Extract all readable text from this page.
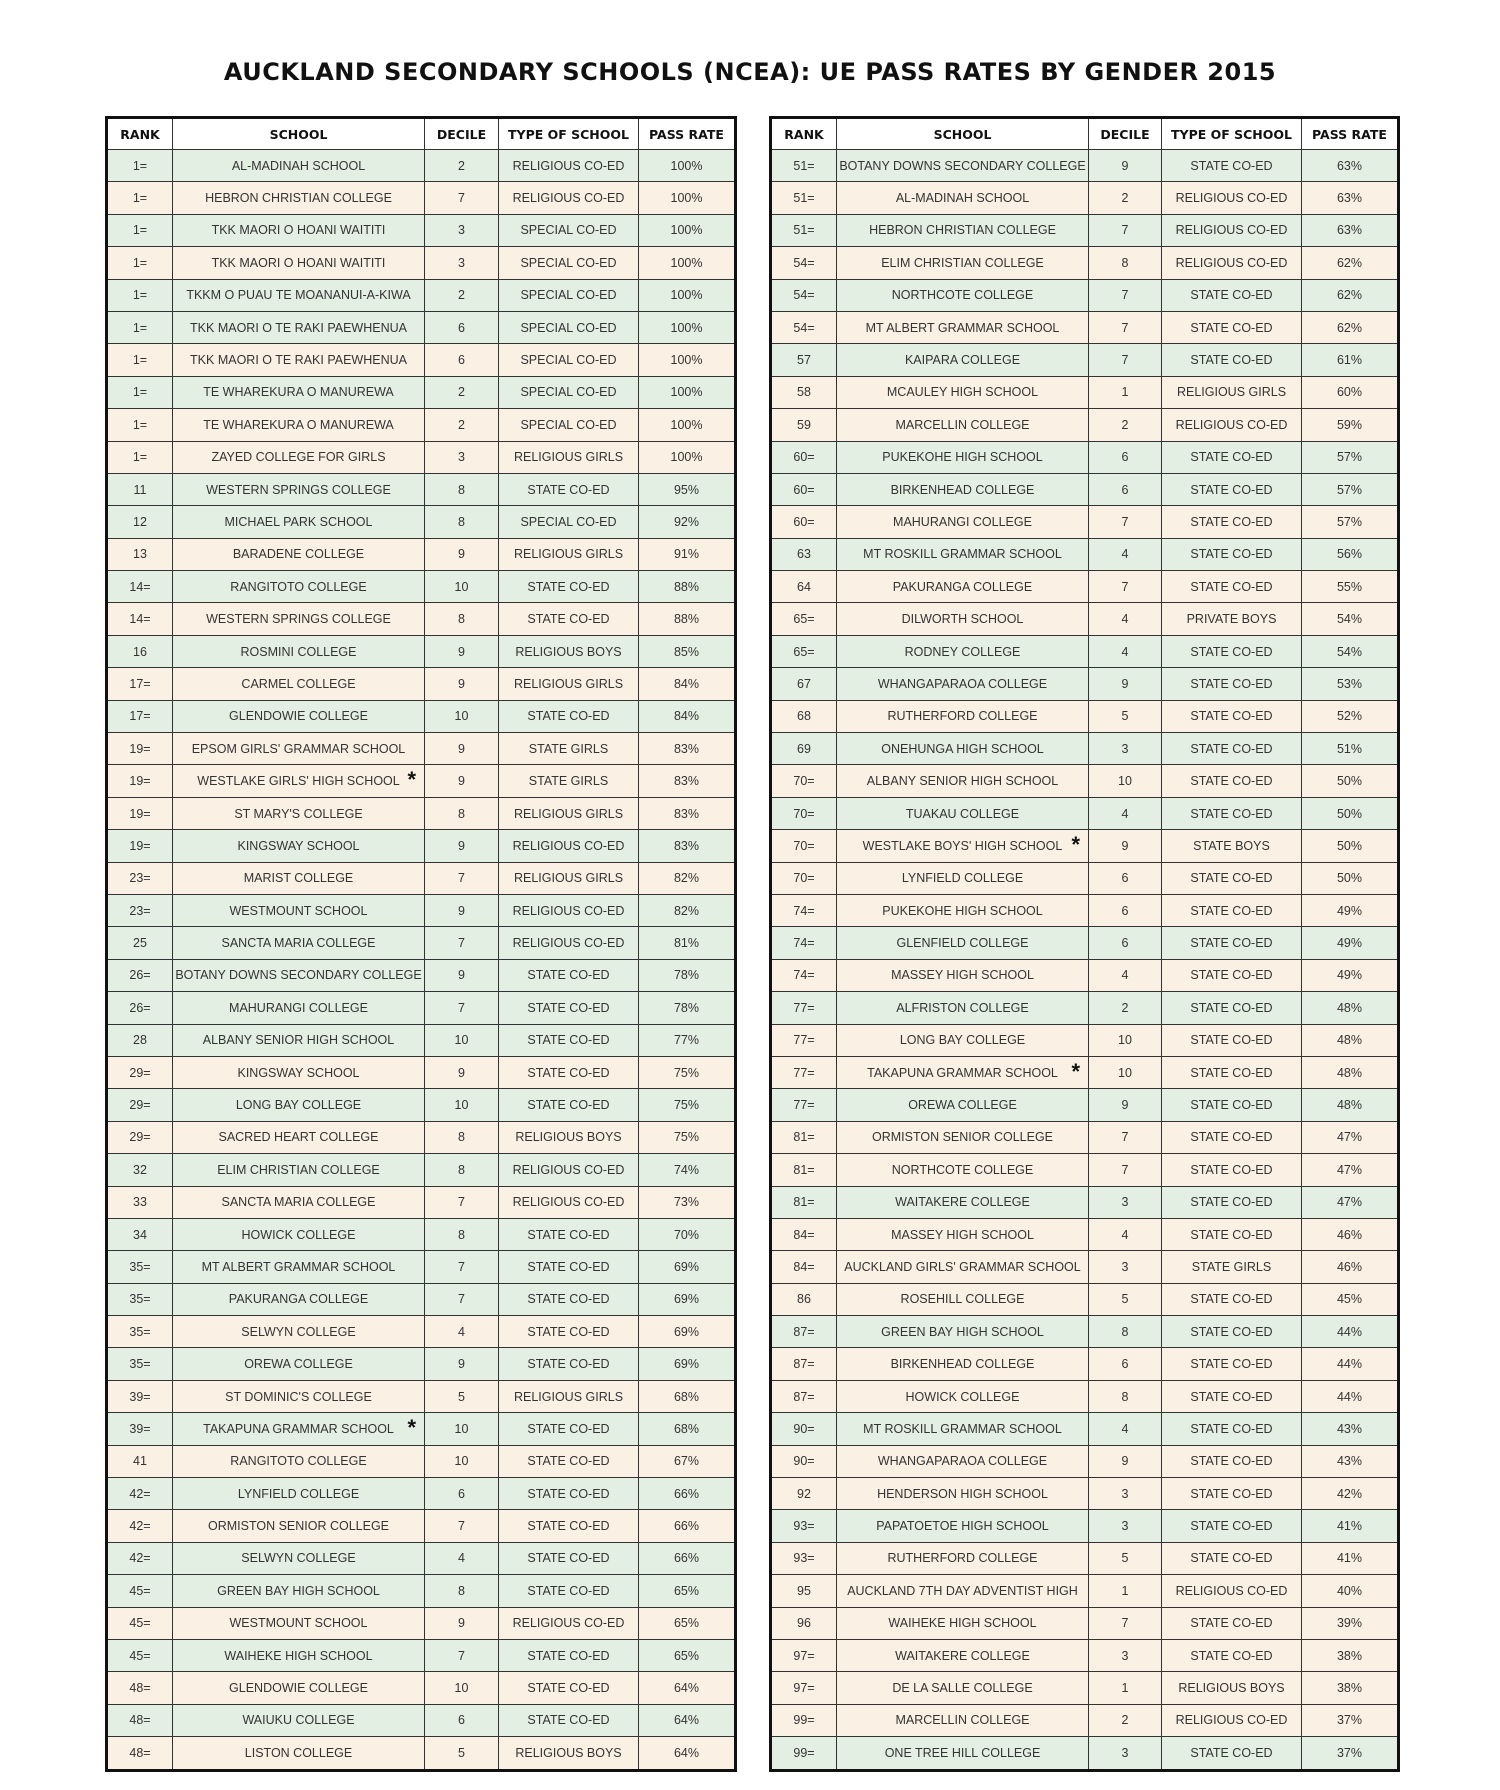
AUCKLAND SECONDARY SCHOOLS (NCEA): UE PASS RATES BY GENDER 2015
RANK	SCHOOL	DECILE	TYPE OF SCHOOL	PASS RATE
1=	AL-MADINAH SCHOOL	2	RELIGIOUS CO-ED	100%
1=	HEBRON CHRISTIAN COLLEGE	7	RELIGIOUS CO-ED	100%
1=	TKK MAORI O HOANI WAITITI	3	SPECIAL CO-ED	100%
1=	TKK MAORI O HOANI WAITITI	3	SPECIAL CO-ED	100%
1=	TKKM O PUAU TE MOANANUI-A-KIWA	2	SPECIAL CO-ED	100%
1=	TKK MAORI O TE RAKI PAEWHENUA	6	SPECIAL CO-ED	100%
1=	TKK MAORI O TE RAKI PAEWHENUA	6	SPECIAL CO-ED	100%
1=	TE WHAREKURA O MANUREWA	2	SPECIAL CO-ED	100%
1=	TE WHAREKURA O MANUREWA	2	SPECIAL CO-ED	100%
1=	ZAYED COLLEGE FOR GIRLS	3	RELIGIOUS GIRLS	100%
11	WESTERN SPRINGS COLLEGE	8	STATE CO-ED	95%
12	MICHAEL PARK SCHOOL	8	SPECIAL CO-ED	92%
13	BARADENE COLLEGE	9	RELIGIOUS GIRLS	91%
14=	RANGITOTO COLLEGE	10	STATE CO-ED	88%
14=	WESTERN SPRINGS COLLEGE	8	STATE CO-ED	88%
16	ROSMINI COLLEGE	9	RELIGIOUS BOYS	85%
17=	CARMEL COLLEGE	9	RELIGIOUS GIRLS	84%
17=	GLENDOWIE COLLEGE	10	STATE CO-ED	84%
19=	EPSOM GIRLS' GRAMMAR SCHOOL	9	STATE GIRLS	83%
19=	WESTLAKE GIRLS' HIGH SCHOOL *	9	STATE GIRLS	83%
19=	ST MARY'S COLLEGE	8	RELIGIOUS GIRLS	83%
19=	KINGSWAY SCHOOL	9	RELIGIOUS CO-ED	83%
23=	MARIST COLLEGE	7	RELIGIOUS GIRLS	82%
23=	WESTMOUNT SCHOOL	9	RELIGIOUS CO-ED	82%
25	SANCTA MARIA COLLEGE	7	RELIGIOUS CO-ED	81%
26=	BOTANY DOWNS SECONDARY COLLEGE	9	STATE CO-ED	78%
26=	MAHURANGI COLLEGE	7	STATE CO-ED	78%
28	ALBANY SENIOR HIGH SCHOOL	10	STATE CO-ED	77%
29=	KINGSWAY SCHOOL	9	STATE CO-ED	75%
29=	LONG BAY COLLEGE	10	STATE CO-ED	75%
29=	SACRED HEART COLLEGE	8	RELIGIOUS BOYS	75%
32	ELIM CHRISTIAN COLLEGE	8	RELIGIOUS CO-ED	74%
33	SANCTA MARIA COLLEGE	7	RELIGIOUS CO-ED	73%
34	HOWICK COLLEGE	8	STATE CO-ED	70%
35=	MT ALBERT GRAMMAR SCHOOL	7	STATE CO-ED	69%
35=	PAKURANGA COLLEGE	7	STATE CO-ED	69%
35=	SELWYN COLLEGE	4	STATE CO-ED	69%
35=	OREWA COLLEGE	9	STATE CO-ED	69%
39=	ST DOMINIC'S COLLEGE	5	RELIGIOUS GIRLS	68%
39=	TAKAPUNA GRAMMAR SCHOOL *	10	STATE CO-ED	68%
41	RANGITOTO COLLEGE	10	STATE CO-ED	67%
42=	LYNFIELD COLLEGE	6	STATE CO-ED	66%
42=	ORMISTON SENIOR COLLEGE	7	STATE CO-ED	66%
42=	SELWYN COLLEGE	4	STATE CO-ED	66%
45=	GREEN BAY HIGH SCHOOL	8	STATE CO-ED	65%
45=	WESTMOUNT SCHOOL	9	RELIGIOUS CO-ED	65%
45=	WAIHEKE HIGH SCHOOL	7	STATE CO-ED	65%
48=	GLENDOWIE COLLEGE	10	STATE CO-ED	64%
48=	WAIUKU COLLEGE	6	STATE CO-ED	64%
48=	LISTON COLLEGE	5	RELIGIOUS BOYS	64%
RANK	SCHOOL	DECILE	TYPE OF SCHOOL	PASS RATE
51=	BOTANY DOWNS SECONDARY COLLEGE	9	STATE CO-ED	63%
51=	AL-MADINAH SCHOOL	2	RELIGIOUS CO-ED	63%
51=	HEBRON CHRISTIAN COLLEGE	7	RELIGIOUS CO-ED	63%
54=	ELIM CHRISTIAN COLLEGE	8	RELIGIOUS CO-ED	62%
54=	NORTHCOTE COLLEGE	7	STATE CO-ED	62%
54=	MT ALBERT GRAMMAR SCHOOL	7	STATE CO-ED	62%
57	KAIPARA COLLEGE	7	STATE CO-ED	61%
58	MCAULEY HIGH SCHOOL	1	RELIGIOUS GIRLS	60%
59	MARCELLIN COLLEGE	2	RELIGIOUS CO-ED	59%
60=	PUKEKOHE HIGH SCHOOL	6	STATE CO-ED	57%
60=	BIRKENHEAD COLLEGE	6	STATE CO-ED	57%
60=	MAHURANGI COLLEGE	7	STATE CO-ED	57%
63	MT ROSKILL GRAMMAR SCHOOL	4	STATE CO-ED	56%
64	PAKURANGA COLLEGE	7	STATE CO-ED	55%
65=	DILWORTH SCHOOL	4	PRIVATE BOYS	54%
65=	RODNEY COLLEGE	4	STATE CO-ED	54%
67	WHANGAPARAOA COLLEGE	9	STATE CO-ED	53%
68	RUTHERFORD COLLEGE	5	STATE CO-ED	52%
69	ONEHUNGA HIGH SCHOOL	3	STATE CO-ED	51%
70=	ALBANY SENIOR HIGH SCHOOL	10	STATE CO-ED	50%
70=	TUAKAU COLLEGE	4	STATE CO-ED	50%
70=	WESTLAKE BOYS' HIGH SCHOOL *	9	STATE BOYS	50%
70=	LYNFIELD COLLEGE	6	STATE CO-ED	50%
74=	PUKEKOHE HIGH SCHOOL	6	STATE CO-ED	49%
74=	GLENFIELD COLLEGE	6	STATE CO-ED	49%
74=	MASSEY HIGH SCHOOL	4	STATE CO-ED	49%
77=	ALFRISTON COLLEGE	2	STATE CO-ED	48%
77=	LONG BAY COLLEGE	10	STATE CO-ED	48%
77=	TAKAPUNA GRAMMAR SCHOOL *	10	STATE CO-ED	48%
77=	OREWA COLLEGE	9	STATE CO-ED	48%
81=	ORMISTON SENIOR COLLEGE	7	STATE CO-ED	47%
81=	NORTHCOTE COLLEGE	7	STATE CO-ED	47%
81=	WAITAKERE COLLEGE	3	STATE CO-ED	47%
84=	MASSEY HIGH SCHOOL	4	STATE CO-ED	46%
84=	AUCKLAND GIRLS' GRAMMAR SCHOOL	3	STATE GIRLS	46%
86	ROSEHILL COLLEGE	5	STATE CO-ED	45%
87=	GREEN BAY HIGH SCHOOL	8	STATE CO-ED	44%
87=	BIRKENHEAD COLLEGE	6	STATE CO-ED	44%
87=	HOWICK COLLEGE	8	STATE CO-ED	44%
90=	MT ROSKILL GRAMMAR SCHOOL	4	STATE CO-ED	43%
90=	WHANGAPARAOA COLLEGE	9	STATE CO-ED	43%
92	HENDERSON HIGH SCHOOL	3	STATE CO-ED	42%
93=	PAPATOETOE HIGH SCHOOL	3	STATE CO-ED	41%
93=	RUTHERFORD COLLEGE	5	STATE CO-ED	41%
95	AUCKLAND 7TH DAY ADVENTIST HIGH	1	RELIGIOUS CO-ED	40%
96	WAIHEKE HIGH SCHOOL	7	STATE CO-ED	39%
97=	WAITAKERE COLLEGE	3	STATE CO-ED	38%
97=	DE LA SALLE COLLEGE	1	RELIGIOUS BOYS	38%
99=	MARCELLIN COLLEGE	2	RELIGIOUS CO-ED	37%
99=	ONE TREE HILL COLLEGE	3	STATE CO-ED	37%
